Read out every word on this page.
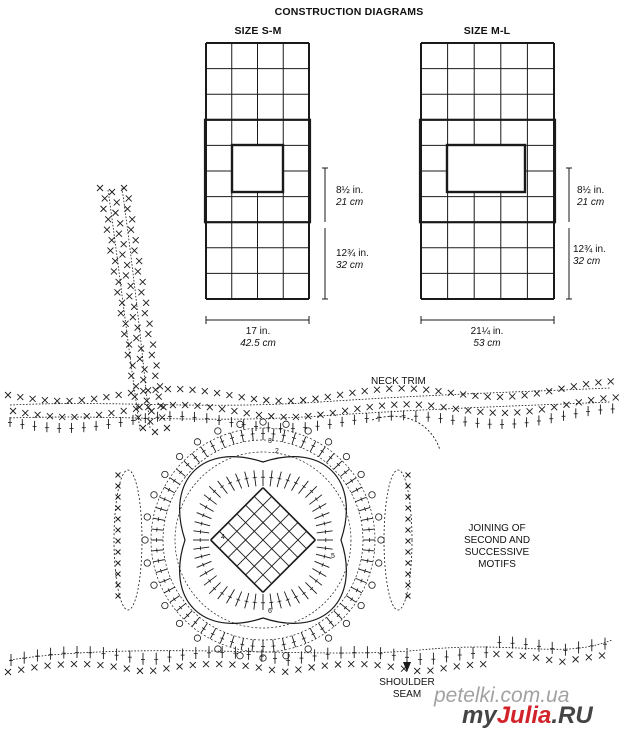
CONSTRUCTION DIAGRAMS
SIZE S-M	SIZE M-L
8½ in.
21 cm
12¾ in.
32 cm
17 in.
42.5 cm
8½ in.
21 cm
12¾ in.
32 cm
21¼ in.
53 cm
NECK TRIM
JOINING OF
SECOND AND
SUCCESSIVE
MOTIFS
SHOULDER
SEAM
3
2
4
5
6
petelki.com.ua
myJulia.RU
